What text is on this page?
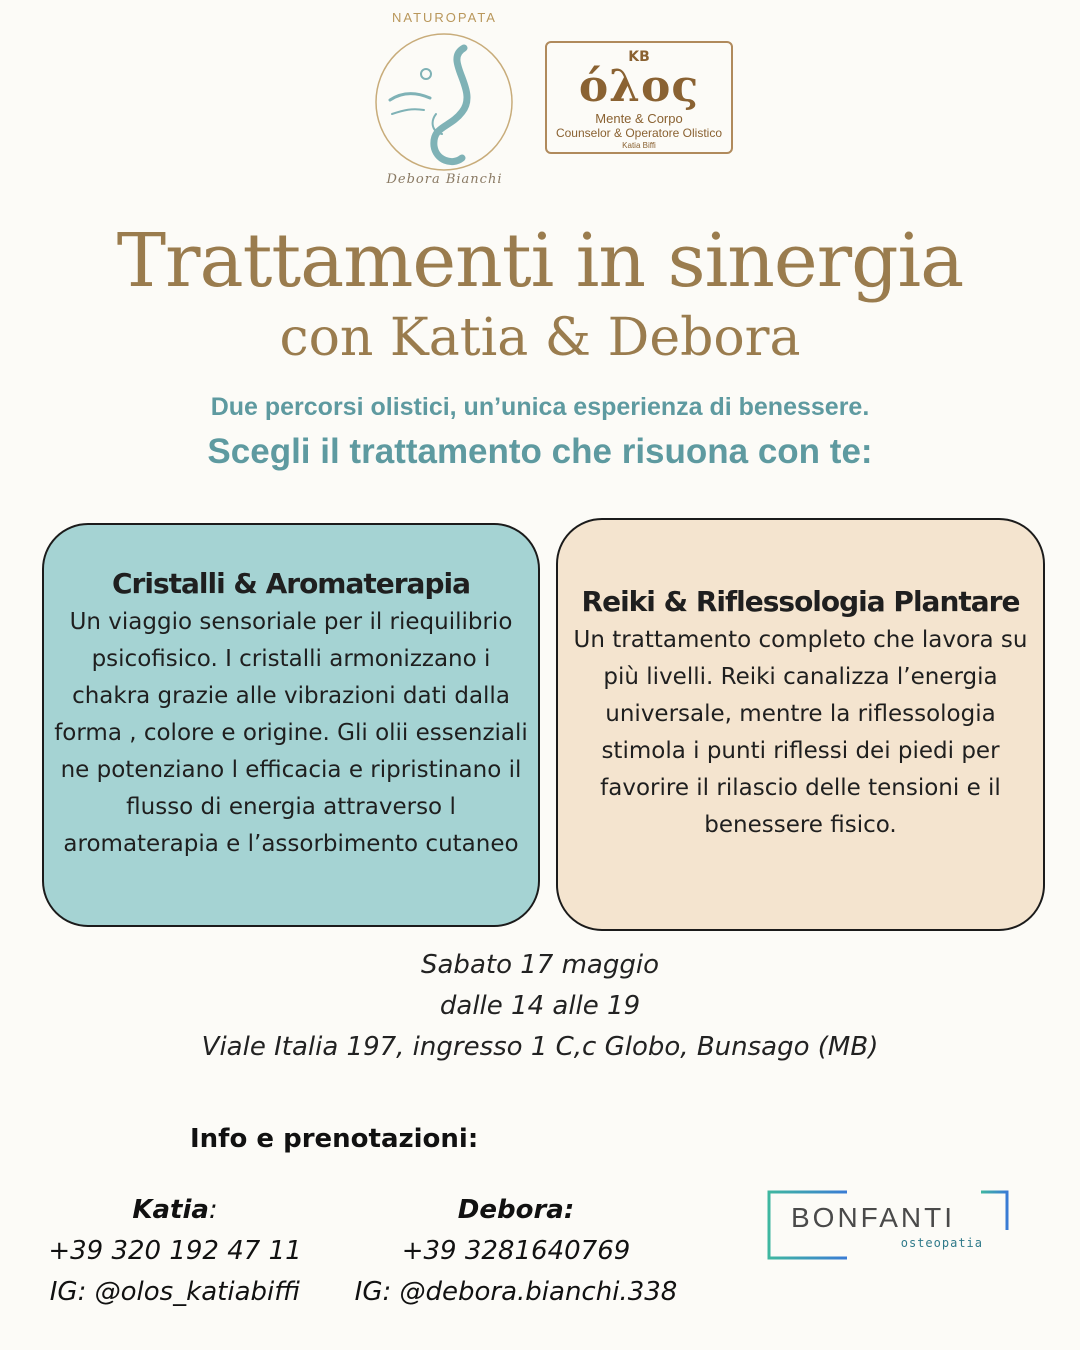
NATUROPATA
Debora Bianchi
KB
όλος
Mente & Corpo
Counselor & Operatore Olistico
Katia Biffi
Trattamenti in sinergia
con Katia & Debora
Due percorsi olistici, un’unica esperienza di benessere.
Scegli il trattamento che risuona con te:
Cristalli & Aromaterapia

Un viaggio sensoriale per il riequilibrio psicofisico. I cristalli armonizzano i chakra grazie alle vibrazioni dati dalla forma , colore e origine. Gli olii essenziali ne potenziano l efficacia e ripristinano il flusso di energia attraverso l aromaterapia e l’assorbimento cutaneo

Reiki & Riflessologia Plantare

Un trattamento completo che lavora su più livelli. Reiki canalizza l’energia universale, mentre la riflessologia stimola i punti riflessi dei piedi per favorire il rilascio delle tensioni e il benessere fisico.

Sabato 17 maggio
dalle 14 alle 19
Viale Italia 197, ingresso 1 C,c Globo, Bunsago (MB)
Info e prenotazioni:
Katia:
+39 320 192 47 11
IG: @olos_katiabiffi
Debora:
+39 3281640769
IG: @debora.bianchi.338
BONFANTI
osteopatia
